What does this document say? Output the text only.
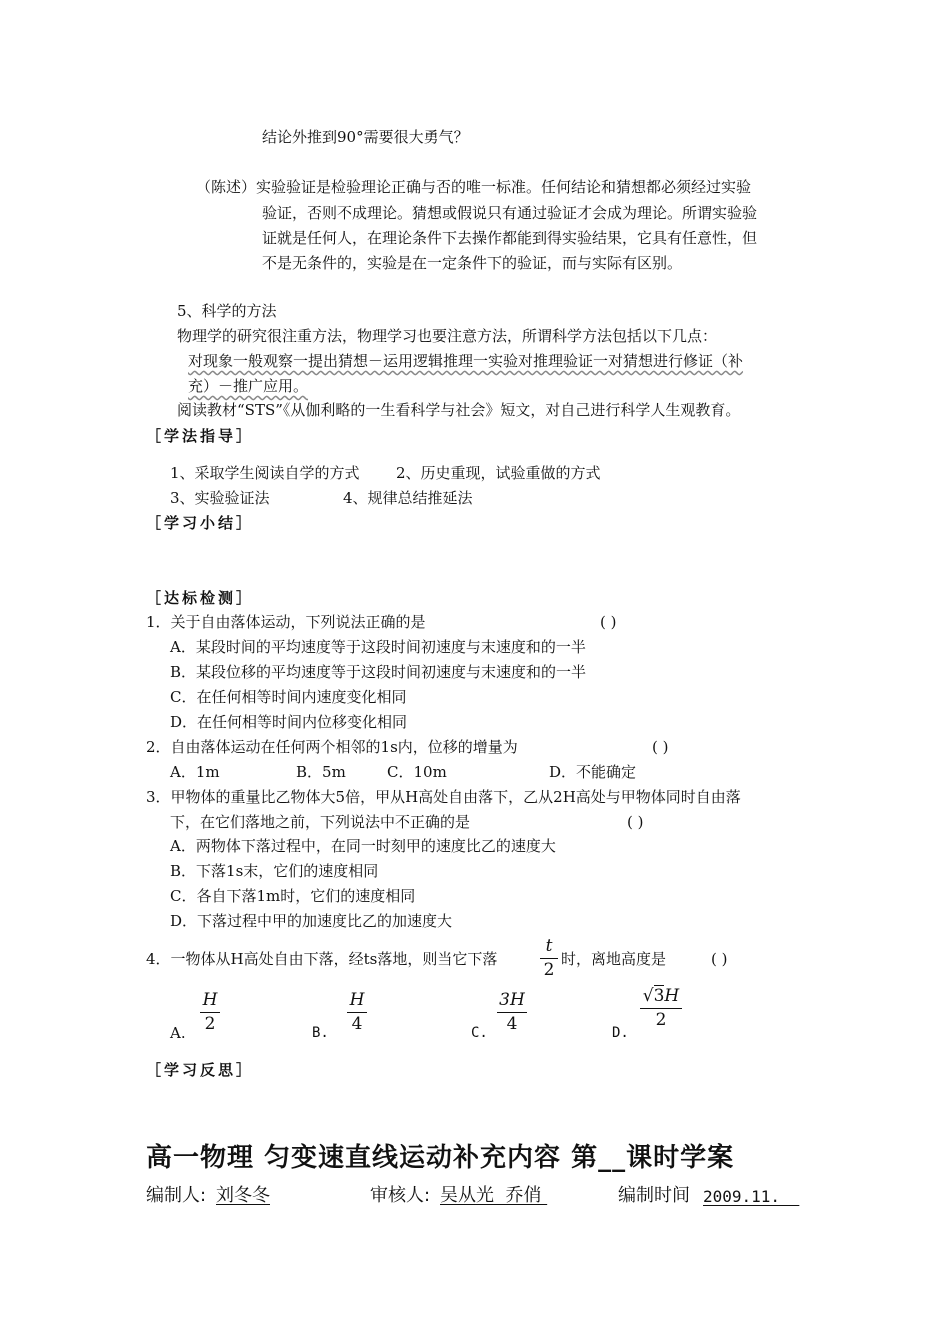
结论外推到90°需要很大勇气？
（陈述） 实验验证是检验理论正确与否的唯一标准。任何结论和猜想都必须经过实验
验证，否则不成理论。猜想或假说只有通过验证才会成为理论。所谓实验验
证就是任何人，在理论条件下去操作都能到得实验结果，它具有任意性，但
不是无条件的，实验是在一定条件下的验证，而与实际有区别。
5、科学的方法
物理学的研究很注重方法，物理学习也要注意方法，所谓科学方法包括以下几点：
对现象一般观察一提出猜想－运用逻辑推理一实验对推理验证一对猜想进行修证（补
充）－推广应用。
阅读教材“STS”《从伽利略的一生看科学与社会》短文，对自己进行科学人生观教育。
［学法指导］
1、采取学生阅读自学的方式 2、历史重现，试验重做的方式
3、实验验证法	4、规律总结推延法
［学习小结］
［达标检测］
1．关于自由落体运动，下列说法正确的是	( )
A．某段时间的平均速度等于这段时间初速度与末速度和的一半
B．某段位移的平均速度等于这段时间初速度与末速度和的一半
C．在任何相等时间内速度变化相同
D．在任何相等时间内位移变化相同
2．自由落体运动在任何两个相邻的1s内，位移的增量为	( )
A．1m	B．5m	C．10m	D．不能确定
3．甲物体的重量比乙物体大5倍，甲从H高处自由落下，乙从2H高处与甲物体同时自由落
下，在它们落地之前，下列说法中不正确的是	( )
A．两物体下落过程中，在同一时刻甲的速度比乙的速度大
B．下落1s末，它们的速度相同
C．各自下落1m时，它们的速度相同
D．下落过程中甲的加速度比乙的加速度大
4．一物体从H高处自由下落，经ts落地，则当它下落	$\frac{t}{2}$ 时，离地高度是	( )
A. $\frac{H}{2}$	B. $\frac{H}{4}$	C. $\frac{3H}{4}$	D.
$\frac{√3H}{2}$
［学习反思］
高一物理 匀变速直线运动补充内容 第__课时学案
编制人: 刘冬冬	审核人: 吴从光  乔俏	编制时间 2009.11.
